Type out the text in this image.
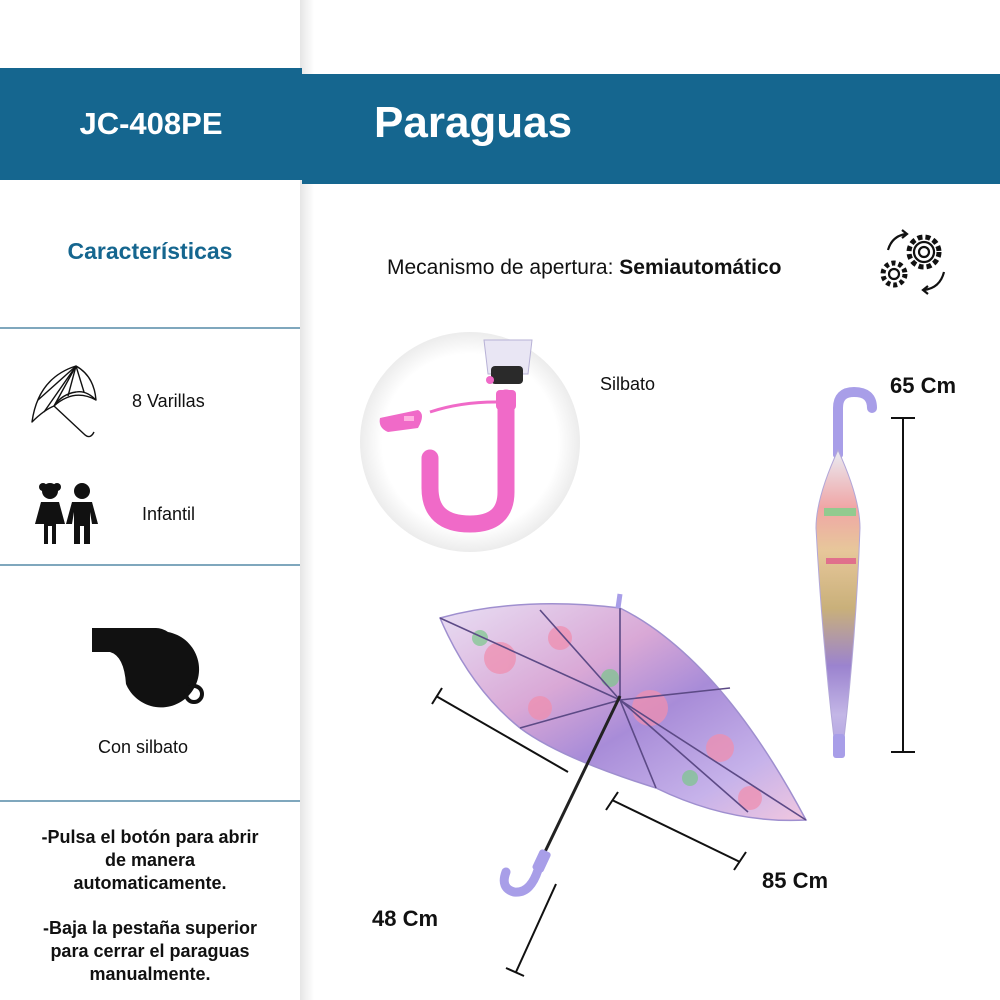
JC-408PE	Paraguas
Características
8 Varillas
Infantil
Con silbato
-Pulsa el botón para abrir
de manera
automaticamente.
-Baja la pestaña superior
para cerrar el paraguas
manualmente.
Mecanismo de apertura: Semiautomático
Silbato	65 Cm
48 Cm
85 Cm
